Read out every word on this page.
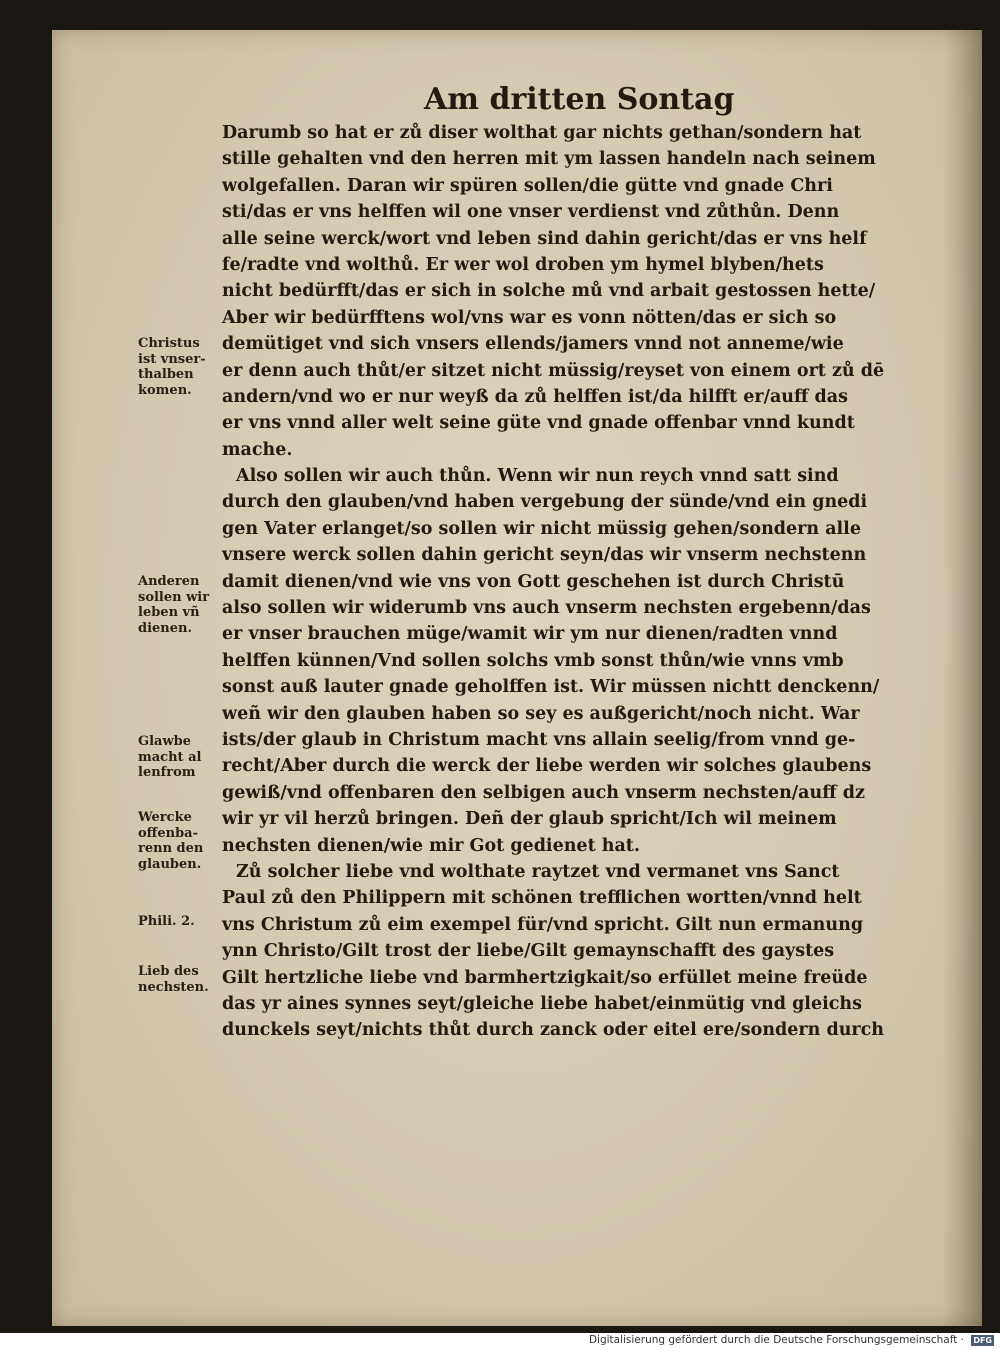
Am dritten Sontag
Darumb so hat er zů diser wolthat gar nichts gethan/sondern hat
stille gehalten vnd den herren mit ym lassen handeln nach seinem
wolgefallen. Daran wir spüren sollen/die gütte vnd gnade Chri
sti/das er vns helffen wil one vnser verdienst vnd zůthůn. Denn
alle seine werck/wort vnd leben sind dahin gericht/das er vns helf
fe/radte vnd wolthů. Er wer wol droben ym hymel blyben/hets
nicht bedürfft/das er sich in solche mů vnd arbait gestossen hette/
Aber wir bedürfftens wol/vns war es vonn nötten/das er sich so
demütiget vnd sich vnsers ellends/jamers vnnd not anneme/wie
er denn auch thůt/er sitzet nicht müssig/reyset von einem ort zů dē
andern/vnd wo er nur weyß da zů helffen ist/da hilfft er/auff das
er vns vnnd aller welt seine güte vnd gnade offenbar vnnd kundt
mache.
Also sollen wir auch thůn. Wenn wir nun reych vnnd satt sind
durch den glauben/vnd haben vergebung der sünde/vnd ein gnedi
gen Vater erlanget/so sollen wir nicht müssig gehen/sondern alle
vnsere werck sollen dahin gericht seyn/das wir vnserm nechstenn
damit dienen/vnd wie vns von Gott geschehen ist durch Christū
also sollen wir widerumb vns auch vnserm nechsten ergebenn/das
er vnser brauchen müge/wamit wir ym nur dienen/radten vnnd
helffen künnen/Vnd sollen solchs vmb sonst thůn/wie vnns vmb
sonst auß lauter gnade geholffen ist. Wir müssen nichtt denckenn/
weñ wir den glauben haben so sey es außgericht/noch nicht. War
ists/der glaub in Christum macht vns allain seelig/from vnnd ge-
recht/Aber durch die werck der liebe werden wir solches glaubens
gewiß/vnd offenbaren den selbigen auch vnserm nechsten/auff dz
wir yr vil herzů bringen. Deñ der glaub spricht/Ich wil meinem
nechsten dienen/wie mir Got gedienet hat.
Zů solcher liebe vnd wolthate raytzet vnd vermanet vns Sanct
Paul zů den Philippern mit schönen trefflichen wortten/vnnd helt
vns Christum zů eim exempel für/vnd spricht. Gilt nun ermanung
ynn Christo/Gilt trost der liebe/Gilt gemaynschafft des gaystes
Gilt hertzliche liebe vnd barmhertzigkait/so erfüllet meine freüde
das yr aines synnes seyt/gleiche liebe habet/einmütig vnd gleichs
dunckels seyt/nichts thůt durch zanck oder eitel ere/sondern durch
Christus
ist vnser-
thalben
komen.
Anderen
sollen wir
leben vñ
dienen.
Glawbe
macht al
lenfrom
Wercke
offenba-
renn den
glauben.
Phili. 2.
Lieb des
nechsten.
Digitalisierung gefördert durch die Deutsche Forschungsgemeinschaft · DFG
